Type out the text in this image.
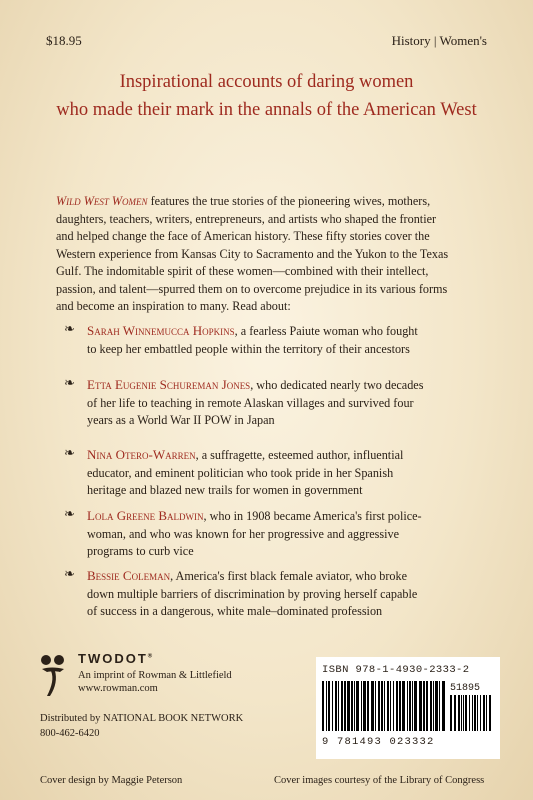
$18.95	History | Women's
Inspirational accounts of daring women
who made their mark in the annals of the American West
Wild West Women features the true stories of the pioneering wives, mothers,
daughters, teachers, writers, entrepreneurs, and artists who shaped the frontier
and helped change the face of American history. These fifty stories cover the
Western experience from Kansas City to Sacramento and the Yukon to the Texas
Gulf. The indomitable spirit of these women—combined with their intellect,
passion, and talent—spurred them on to overcome prejudice in its various forms
and become an inspiration to many. Read about:
❧ Sarah Winnemucca Hopkins, a fearless Paiute woman who fought
to keep her embattled people within the territory of their ancestors
❧ Etta Eugenie Schureman Jones, who dedicated nearly two decades
of her life to teaching in remote Alaskan villages and survived four
years as a World War II POW in Japan
❧ Nina Otero-Warren, a suffragette, esteemed author, influential
educator, and eminent politician who took pride in her Spanish
heritage and blazed new trails for women in government
❧ Lola Greene Baldwin, who in 1908 became America's first police-
woman, and who was known for her progressive and aggressive
programs to curb vice
❧ Bessie Coleman, America's first black female aviator, who broke
down multiple barriers of discrimination by proving herself capable
of success in a dangerous, white male–dominated profession
TWODOT®
An imprint of Rowman & Littlefield
www.rowman.com
Distributed by NATIONAL BOOK NETWORK
800-462-6420
ISBN 978-1-4930-2333-2
51895
9 781493 023332
Cover design by Maggie Peterson	Cover images courtesy of the Library of Congress
